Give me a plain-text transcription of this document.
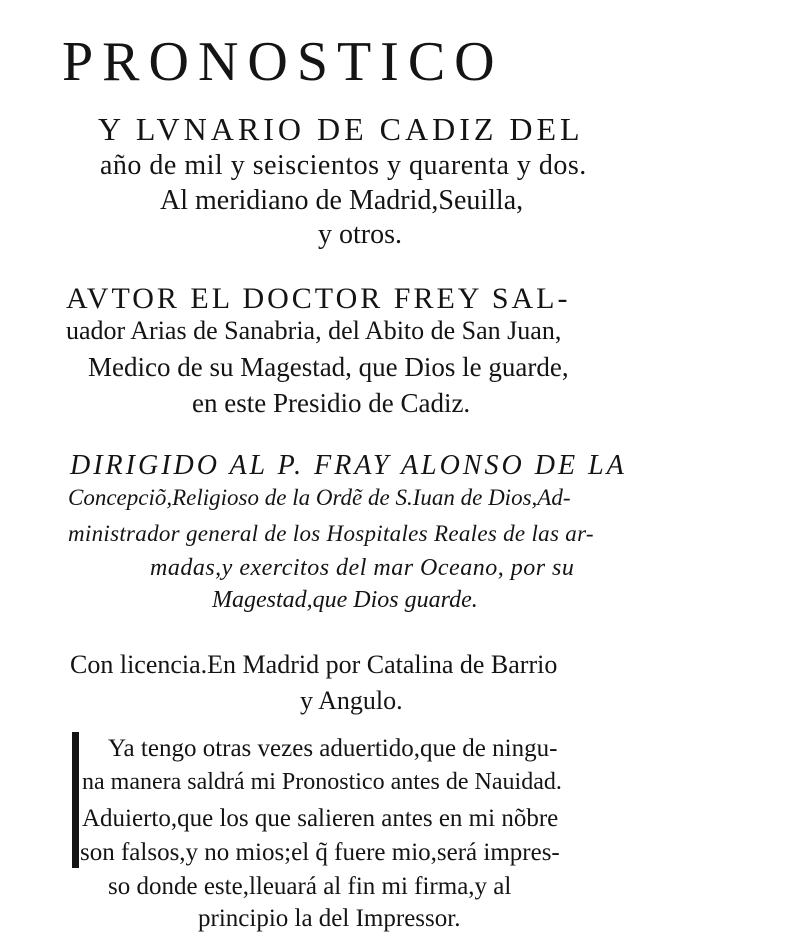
PRONOSTICO
Y LVNARIO DE CADIZ DEL
año de mil y seiscientos y quarenta y dos.
Al meridiano de Madrid,Seuilla,
y otros.
AVTOR EL DOCTOR FREY SAL-
uador Arias de Sanabria, del Abito de San Juan,
Medico de su Magestad, que Dios le guarde,
en este Presidio de Cadiz.
DIRIGIDO AL P. FRAY ALONSO DE LA
Concepciõ,Religioso de la Ordẽ de S.Iuan de Dios,Ad-
ministrador general de los Hospitales Reales de las ar-
madas,y exercitos del mar Oceano, por su
Magestad,que Dios guarde.
Con licencia.En Madrid por Catalina de Barrio
y Angulo.
Ya tengo otras vezes aduertido,que de ningu-
na manera saldrá mi Pronostico antes de Nauidad.
Aduierto,que los que salieren antes en mi nõbre
son falsos,y no mios;el q̃ fuere mio,será impres-
so donde este,lleuará al fin mi firma,y al
principio la del Impressor.
